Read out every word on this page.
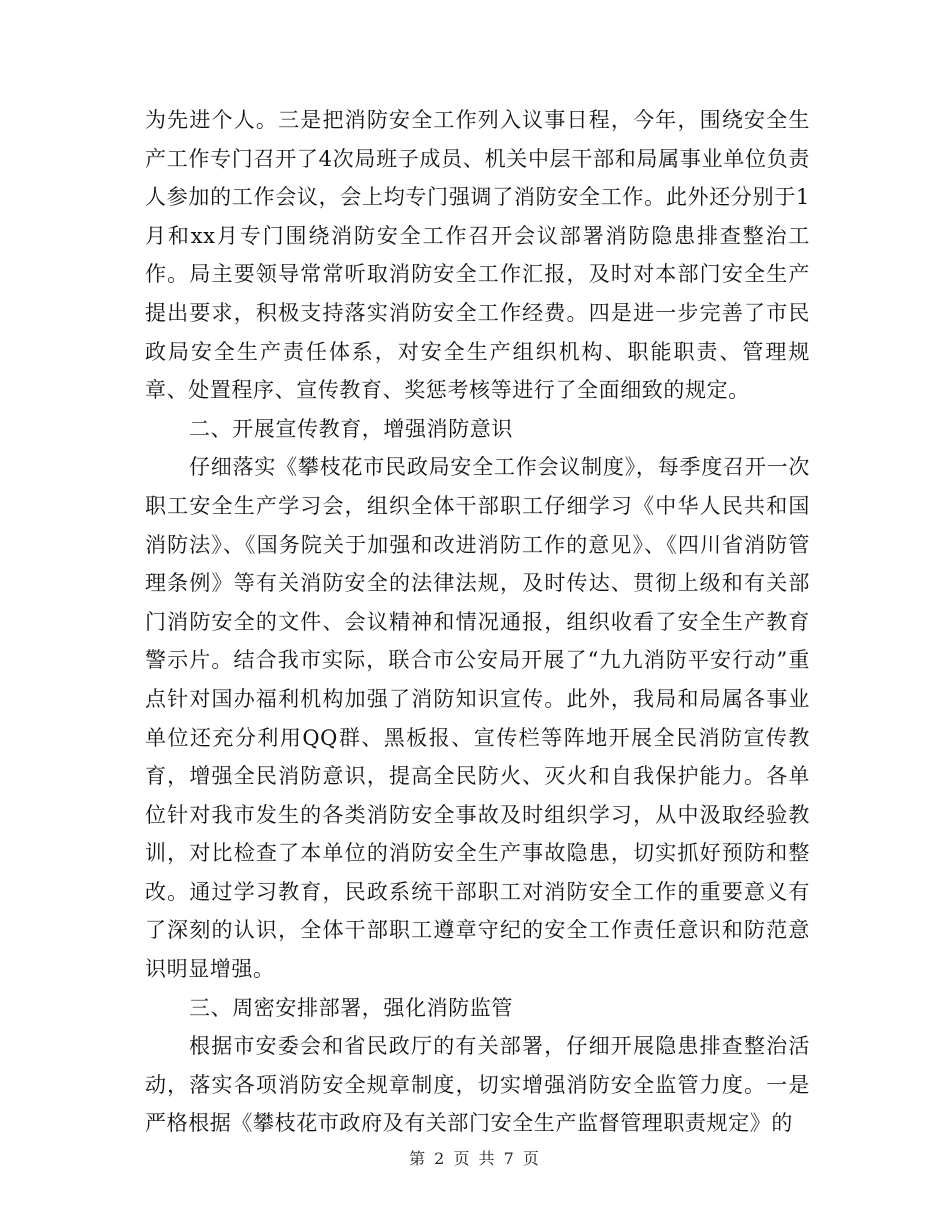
为先进个人。三是把消防安全工作列入议事日程，今年，围绕安全生产工作专门召开了4次局班子成员、机关中层干部和局属事业单位负责人参加的工作会议，会上均专门强调了消防安全工作。此外还分别于1月和xx月专门围绕消防安全工作召开会议部署消防隐患排查整治工作。局主要领导常常听取消防安全工作汇报，及时对本部门安全生产提出要求，积极支持落实消防安全工作经费。四是进一步完善了市民政局安全生产责任体系，对安全生产组织机构、职能职责、管理规章、处置程序、宣传教育、奖惩考核等进行了全面细致的规定。

二、开展宣传教育，增强消防意识

仔细落实《攀枝花市民政局安全工作会议制度》，每季度召开一次职工安全生产学习会，组织全体干部职工仔细学习《中华人民共和国消防法》、《国务院关于加强和改进消防工作的意见》、《四川省消防管理条例》等有关消防安全的法律法规，及时传达、贯彻上级和有关部门消防安全的文件、会议精神和情况通报，组织收看了安全生产教育警示片。结合我市实际，联合市公安局开展了“九九消防平安行动”重点针对国办福利机构加强了消防知识宣传。此外，我局和局属各事业单位还充分利用QQ群、黑板报、宣传栏等阵地开展全民消防宣传教育，增强全民消防意识，提高全民防火、灭火和自我保护能力。各单位针对我市发生的各类消防安全事故及时组织学习，从中汲取经验教训，对比检查了本单位的消防安全生产事故隐患，切实抓好预防和整改。通过学习教育，民政系统干部职工对消防安全工作的重要意义有了深刻的认识，全体干部职工遵章守纪的安全工作责任意识和防范意识明显增强。

三、周密安排部署，强化消防监管

根据市安委会和省民政厅的有关部署，仔细开展隐患排查整治活动，落实各项消防安全规章制度，切实增强消防安全监管力度。一是严格根据《攀枝花市政府及有关部门安全生产监督管理职责规定》的

第 2 页 共 7 页
